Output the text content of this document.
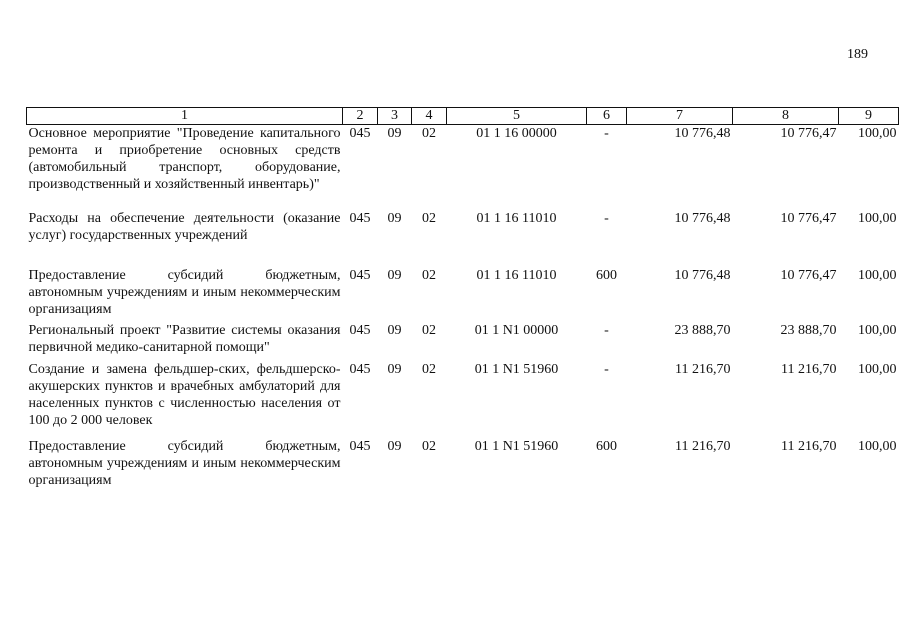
189
1	2	3	4	5	6	7	8	9
Основное мероприятие "Проведение капитального ремонта и приобретение основных средств (автомобильный транспорт, оборудование, производственный и хозяйственный инвентарь)"	045	09	02	01 1 16 00000	-	10 776,48	10 776,47	100,00

Расходы на обеспечение деятельности (оказание услуг) государственных учреждений	045	09	02	01 1 16 11010	-	10 776,48	10 776,47	100,00

Предоставление субсидий бюджетным, автономным учреждениям и иным некоммерческим организациям	045	09	02	01 1 16 11010	600	10 776,48	10 776,47	100,00

Региональный проект "Развитие системы оказания первичной медико-санитарной помощи"	045	09	02	01 1 N1 00000	-	23 888,70	23 888,70	100,00

Создание и замена фельдшер-ских, фельдшерско-акушерских пунктов и врачебных амбулаторий для населенных пунктов с численностью населения от 100 до 2 000 человек	045	09	02	01 1 N1 51960	-	11 216,70	11 216,70	100,00

Предоставление субсидий бюджетным, автономным учреждениям и иным некоммерческим организациям	045	09	02	01 1 N1 51960	600	11 216,70	11 216,70	100,00
